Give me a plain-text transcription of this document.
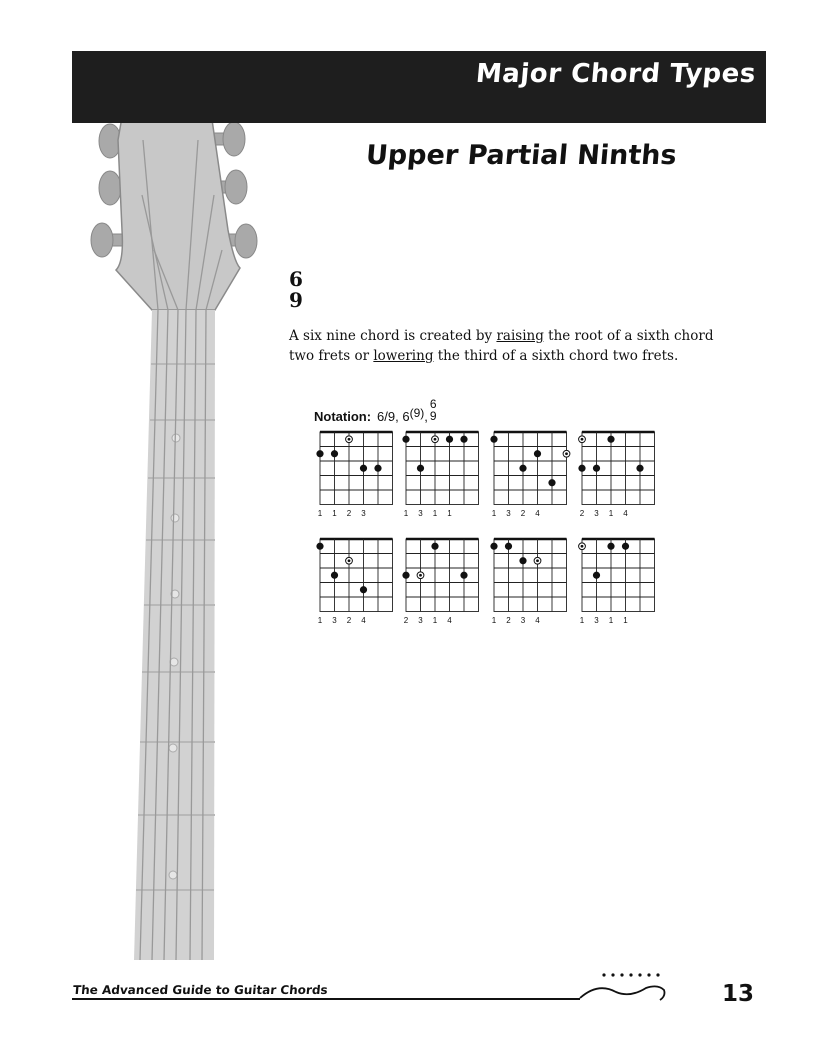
Major Chord Types
Upper Partial Ninths
6
9
A six nine chord is created by raising the root of a sixth chord two frets or lowering the third of a sixth chord two frets.
Notation: 6/9, 6 (9) ,
6
9
1	1	2	3	1	3	1	1	1	3	2	4	2	3	1	4
1	3	2	4	2	3	1	4	1	2	3	4	1	3	1	1
The Advanced Guide to Guitar Chords	13
